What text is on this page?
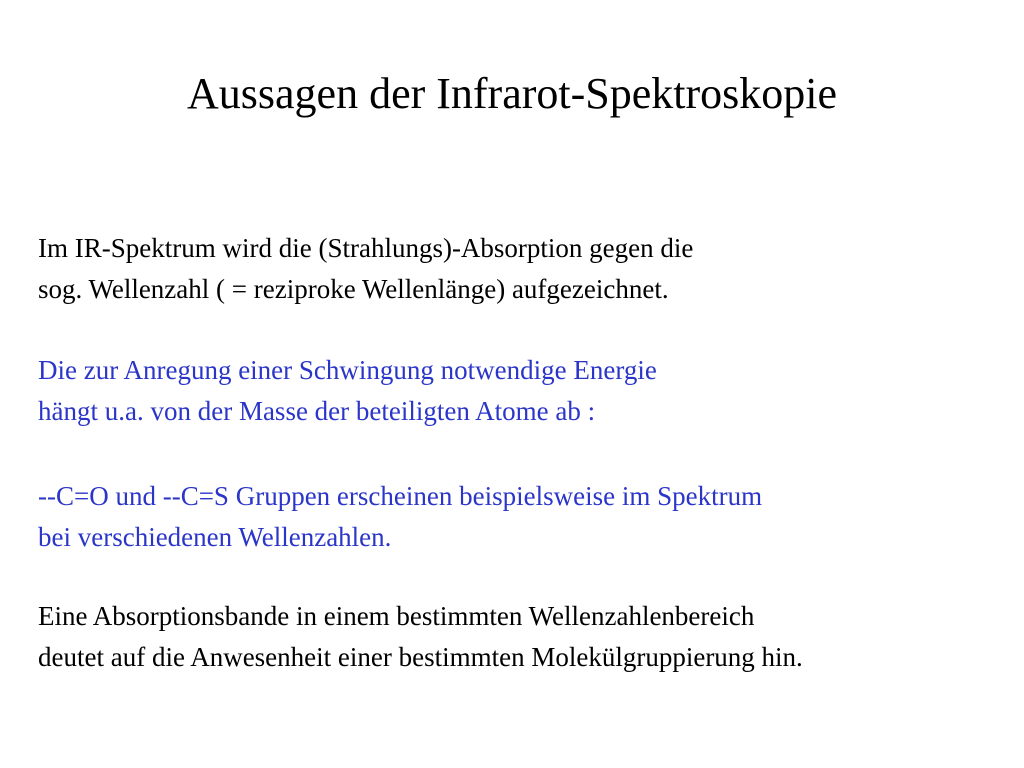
Aussagen der Infrarot-Spektroskopie

Im IR-Spektrum wird die (Strahlungs)-Absorption gegen die
sog. Wellenzahl ( = reziproke Wellenlänge) aufgezeichnet.

Die zur Anregung einer Schwingung notwendige Energie
hängt u.a. von der Masse der beteiligten Atome ab :

--C=O und --C=S Gruppen erscheinen beispielsweise im Spektrum
bei verschiedenen Wellenzahlen.

Eine Absorptionsbande in einem bestimmten Wellenzahlenbereich
deutet auf die Anwesenheit einer bestimmten Molekülgruppierung hin.
